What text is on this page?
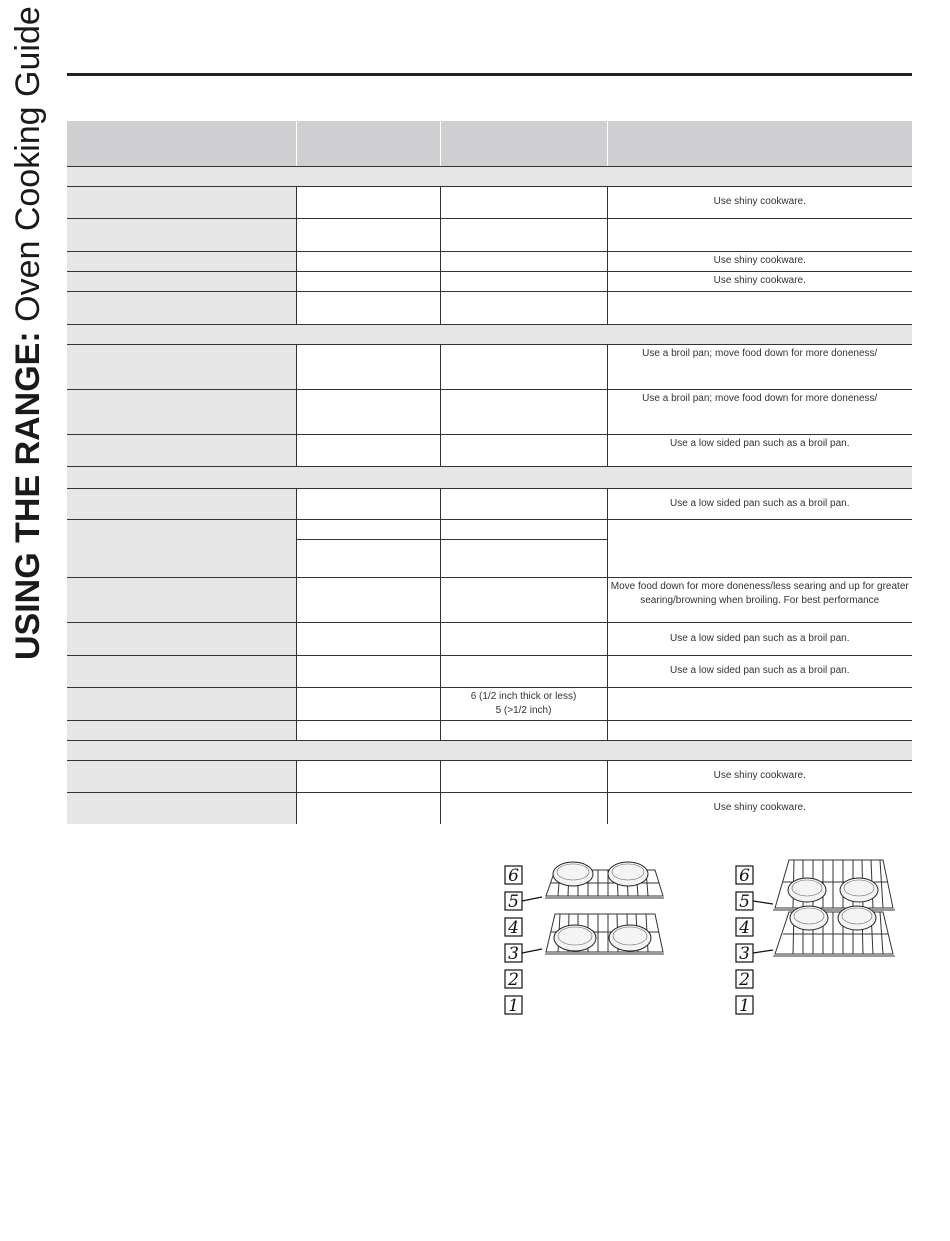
USING THE RANGE: Oven Cooking Guide

				Use shiny cookware.

			Use shiny cookware.
			Use shiny cookware.

			Use a broil pan; move food down for more doneness/
			Use a broil pan; move food down for more doneness/
			Use a low sided pan such as a broil pan.

			Use a low sided pan such as a broil pan.

			Move food down for more doneness/less searing and up for greater searing/browning when broiling. For best performance
			Use a low sided pan such as a broil pan.
			Use a low sided pan such as a broil pan.

		6 (1/2 inch thick or less)
5 (>1/2 inch)	

			Use shiny cookware.
			Use shiny cookware.
6
5
4
3
2
1
6
5
4
3
2
1
